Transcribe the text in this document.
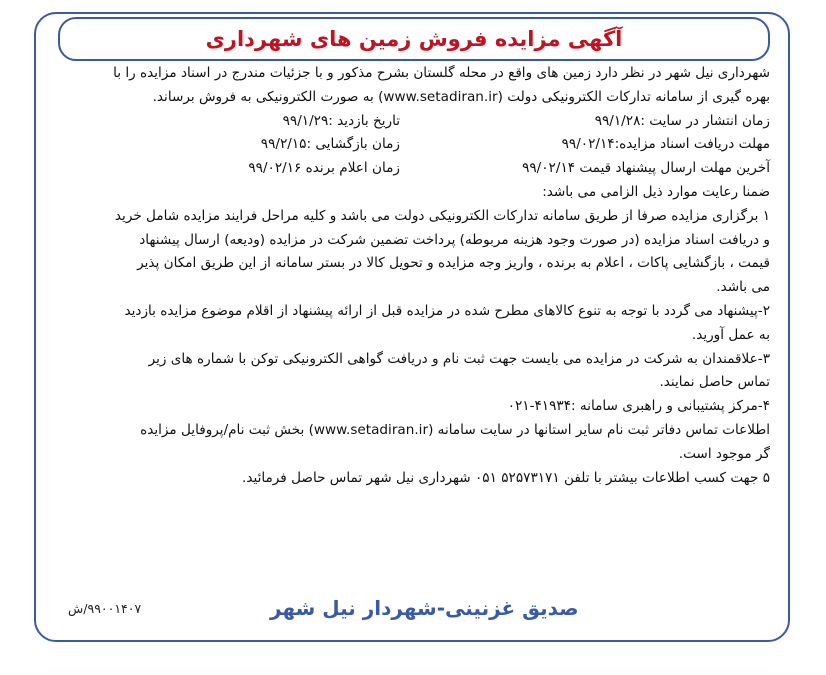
آگهی مزایده فروش زمین های شهرداری

شهرداری نیل شهر در نظر دارد زمین های واقع در محله گلستان بشرح مذکور و با جزئیات مندرج در اسناد مزایده را با

بهره گیری از سامانه تدارکات الکترونیکی دولت (www.setadiran.ir) به صورت الکترونیکی به فروش برساند.

زمان انتشار در سایت :۹۹/۱/۲۸
تاریخ بازدید :۹۹/۱/۲۹
مهلت دریافت اسناد مزایده:۹۹/۰۲/۱۴
زمان بازگشایی :۹۹/۲/۱۵
آخرین مهلت ارسال پیشنهاد قیمت ۹۹/۰۲/۱۴
زمان اعلام برنده ۹۹/۰۲/۱۶

ضمنا رعایت موارد ذیل الزامی می باشد:

۱ برگزاری مزایده صرفا از طریق سامانه تدارکات الکترونیکی دولت می باشد و کلیه مراحل فرایند مزایده شامل خرید

و دریافت اسناد مزایده (در صورت وجود هزینه مربوطه) پرداخت تضمین شرکت در مزایده (ودیعه) ارسال پیشنهاد

قیمت ، بازگشایی پاکات ، اعلام به برنده ، واریز وجه مزایده و تحویل کالا در بستر سامانه از این طریق امکان پذیر

می باشد.

۲-پیشنهاد می گردد با توجه به تنوع کالاهای مطرح شده در مزایده قبل از ارائه پیشنهاد از اقلام موضوع مزایده بازدید

به عمل آورید.

۳-علاقمندان به شرکت در مزایده می بایست جهت ثبت نام و دریافت گواهی الکترونیکی توکن با شماره های زیر

تماس حاصل نمایند.

۴-مرکز پشتیبانی و راهبری سامانه :۴۱۹۳۴-۰۲۱

اطلاعات تماس دفاتر ثبت نام سایر استانها در سایت سامانه (www.setadiran.ir) بخش ثبت نام/پروفایل مزایده

گر موجود است.

۵ جهت کسب اطلاعات بیشتر با تلفن ۵۲۵۷۳۱۷۱ ۰۵۱ شهرداری نیل شهر تماس حاصل فرمائید.

صدیق غزنینی-شهردار نیل شهر
۹۹۰۰۱۴۰۷/ش
